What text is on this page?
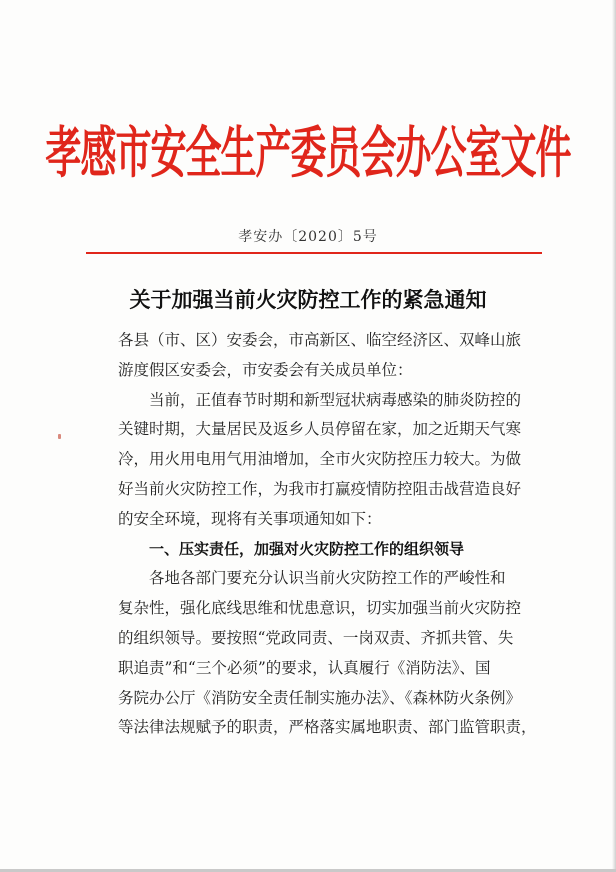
孝感市安全生产委员会办公室文件
孝安办〔2020〕5号
关于加强当前火灾防控工作的紧急通知
各县（市、区）安委会，市高新区、临空经济区、双峰山旅
游度假区安委会，市安委会有关成员单位：
当前，正值春节时期和新型冠状病毒感染的肺炎防控的
关键时期，大量居民及返乡人员停留在家，加之近期天气寒
冷，用火用电用气用油增加，全市火灾防控压力较大。为做
好当前火灾防控工作，为我市打赢疫情防控阻击战营造良好
的安全环境，现将有关事项通知如下：
一、压实责任，加强对火灾防控工作的组织领导
各地各部门要充分认识当前火灾防控工作的严峻性和
复杂性，强化底线思维和忧患意识，切实加强当前火灾防控
的组织领导。要按照“党政同责、一岗双责、齐抓共管、失
职追责”和“三个必须”的要求，认真履行《消防法》、国
务院办公厅《消防安全责任制实施办法》、《森林防火条例》
等法律法规赋予的职责，严格落实属地职责、部门监管职责，
